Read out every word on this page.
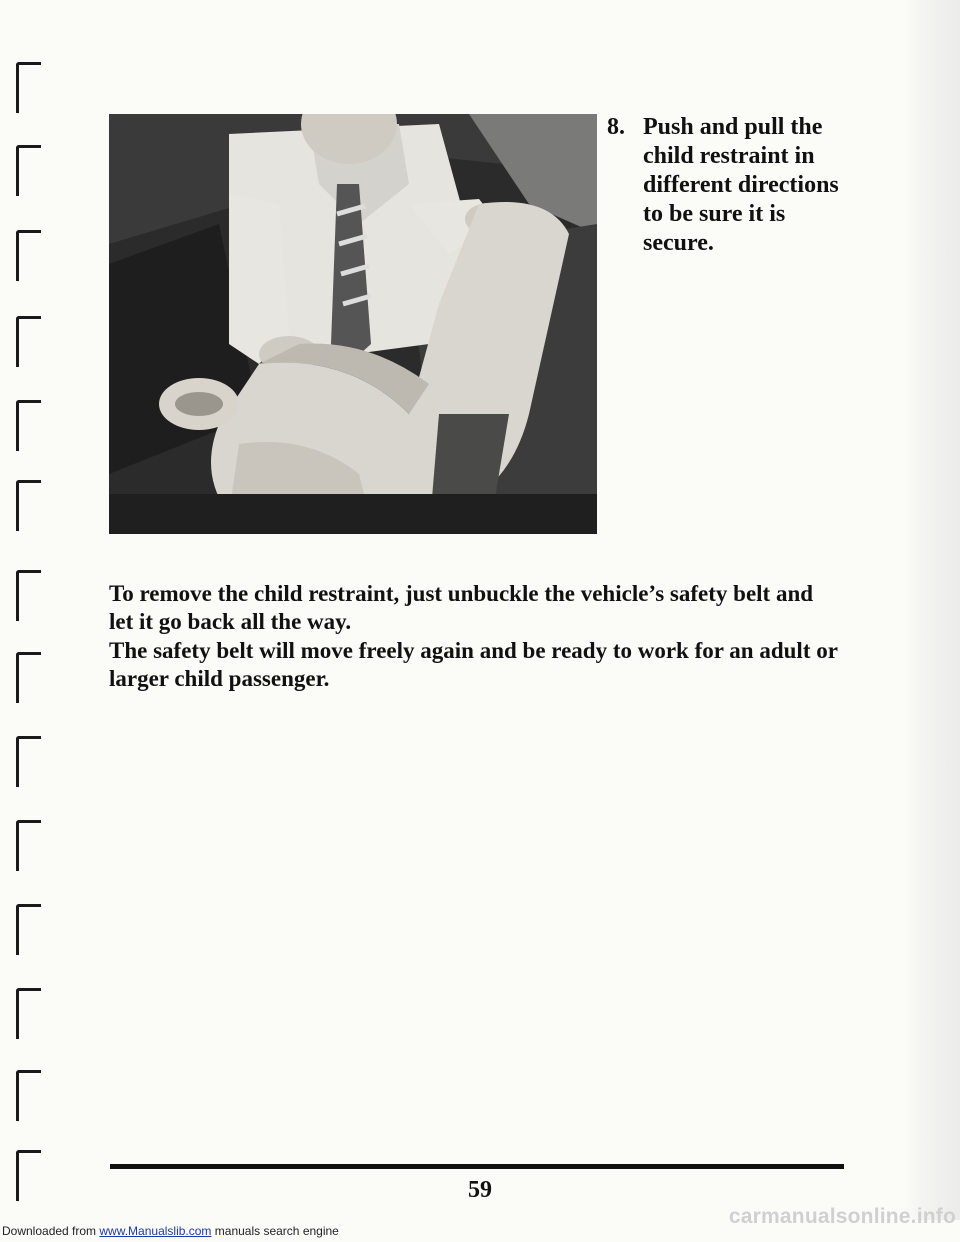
8. Push and pull the child restraint in different directions to be sure it is secure.

To remove the child restraint, just unbuckle the vehicle’s safety belt and let it go back all the way.

The safety belt will move freely again and be ready to work for an adult or larger child passenger.

59
Downloaded from www.Manualslib.com manuals search engine
carmanualsonline.info
